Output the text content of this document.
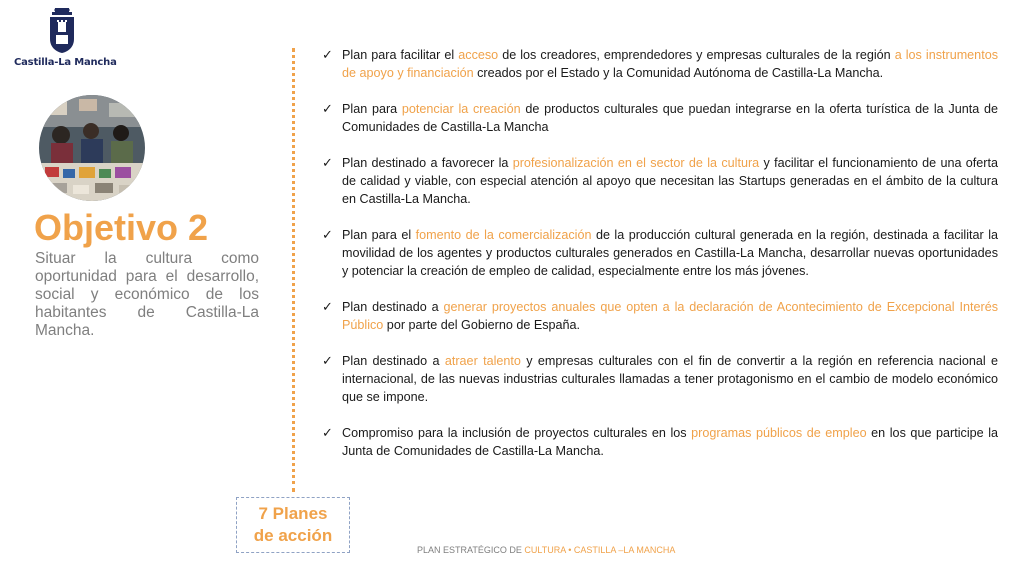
Castilla-La Mancha
Objetivo 2

Situar la cultura como oportunidad para el desarrollo, social y económico de los habitantes de Castilla-La Mancha.

7 Planes
de acción
✓ Plan para facilitar el acceso de los creadores, emprendedores y empresas culturales de la región a los instrumentos de apoyo y financiación creados por el Estado y la Comunidad Autónoma de Castilla-La Mancha.
✓ Plan para potenciar la creación de productos culturales que puedan integrarse en la oferta turística de la Junta de Comunidades de Castilla-La Mancha
✓ Plan destinado a favorecer la profesionalización en el sector de la cultura y facilitar el funcionamiento de una oferta de calidad y viable, con especial atención al apoyo que necesitan las Startups generadas en el ámbito de la cultura en Castilla-La Mancha.
✓ Plan para el fomento de la comercialización de la producción cultural generada en la región, destinada a facilitar la movilidad de los agentes y productos culturales generados en Castilla-La Mancha, desarrollar nuevas oportunidades y potenciar la creación de empleo de calidad, especialmente entre los más jóvenes.
✓ Plan destinado a generar proyectos anuales que opten a la declaración de Acontecimiento de Excepcional Interés Público por parte del Gobierno de España.
✓ Plan destinado a atraer talento y empresas culturales con el fin de convertir a la región en referencia nacional e internacional, de las nuevas industrias culturales llamadas a tener protagonismo en el cambio de modelo económico que se impone.
✓ Compromiso para la inclusión de proyectos culturales en los programas públicos de empleo en los que participe la Junta de Comunidades de Castilla-La Mancha.
PLAN ESTRATÉGICO DE CULTURA • CASTILLA –LA MANCHA
